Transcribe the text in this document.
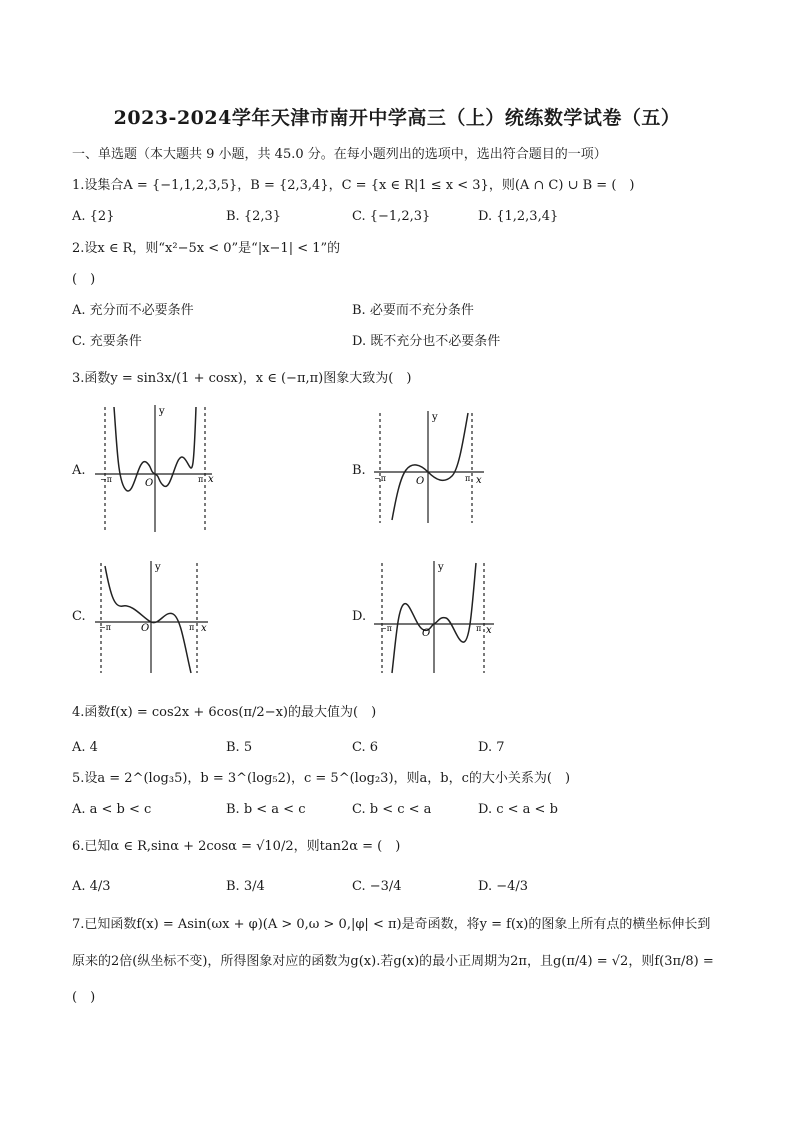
2023-2024学年天津市南开中学高三（上）统练数学试卷（五）
一、单选题（本大题共 9 小题，共 45.0 分。在每小题列出的选项中，选出符合题目的一项）
1.设集合A = {−1,1,2,3,5}，B = {2,3,4}，C = {x ∈ R|1 ≤ x < 3}，则(A ∩ C) ∪ B = (　)
A. {2}	B. {2,3}	C. {−1,2,3}	D. {1,2,3,4}
2.设x ∈ R，则“x²−5x < 0”是“|x−1| < 1”的
(　)
A. 充分而不必要条件	B. 必要而不充分条件
C. 充要条件	D. 既不充分也不必要条件
3.函数y = sin3x/(1 + cosx)，x ∈ (−π,π)图象大致为(　)
A.
y
x
O
−π	π
B.
y
x
O
−π	π
C.
y
x
O
−π	π
D.
y
x
O
−π	π
4.函数f(x) = cos2x + 6cos(π/2−x)的最大值为(　)
A. 4	B. 5	C. 6	D. 7
5.设a = 2^(log₃5)，b = 3^(log₅2)，c = 5^(log₂3)，则a，b，c的大小关系为(　)
A. a < b < c	B. b < a < c	C. b < c < a	D. c < a < b
6.已知α ∈ R,sinα + 2cosα = √10/2，则tan2α = (　)
A. 4/3	B. 3/4	C. −3/4	D. −4/3
7.已知函数f(x) = Asin(ωx + φ)(A > 0,ω > 0,|φ| < π)是奇函数，将y = f(x)的图象上所有点的横坐标伸长到
原来的2倍(纵坐标不变)，所得图象对应的函数为g(x).若g(x)的最小正周期为2π，且g(π/4) = √2，则f(3π/8) =
(　)
